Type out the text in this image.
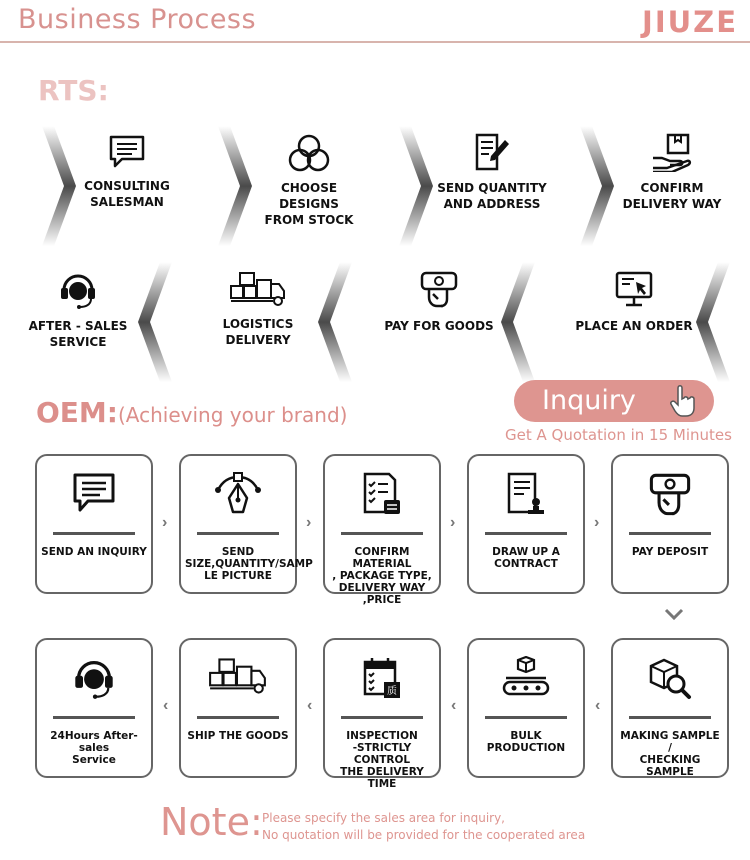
Business Process	JIUZE
RTS:
CONSULTING
SALESMAN
CHOOSE DESIGNS
FROM STOCK
SEND QUANTITY
AND ADDRESS
CONFIRM
DELIVERY WAY
AFTER - SALES
SERVICE
LOGISTICS
DELIVERY
PAY FOR GOODS	PLACE AN ORDER
OEM:(Achieving your brand)	Inquiry
Get A Quotation in 15 Minutes
SEND AN INQUIRY
›
SEND
SIZE,QUANTITY/SAMP
LE PICTURE
›
CONFIRM MATERIAL
, PACKAGE TYPE,
DELIVERY WAY ,PRICE
›
DRAW UP A
CONTRACT
›
PAY DEPOSIT
24Hours After-sales
Service
‹
SHIP THE GOODS
‹
质
INSPECTION
-STRICTLY CONTROL
THE DELIVERY TIME
‹
BULK PRODUCTION
‹
MAKING SAMPLE /
CHECKING SAMPLE
Note: Please specify the sales area for inquiry,
No quotation will be provided for the cooperated area
